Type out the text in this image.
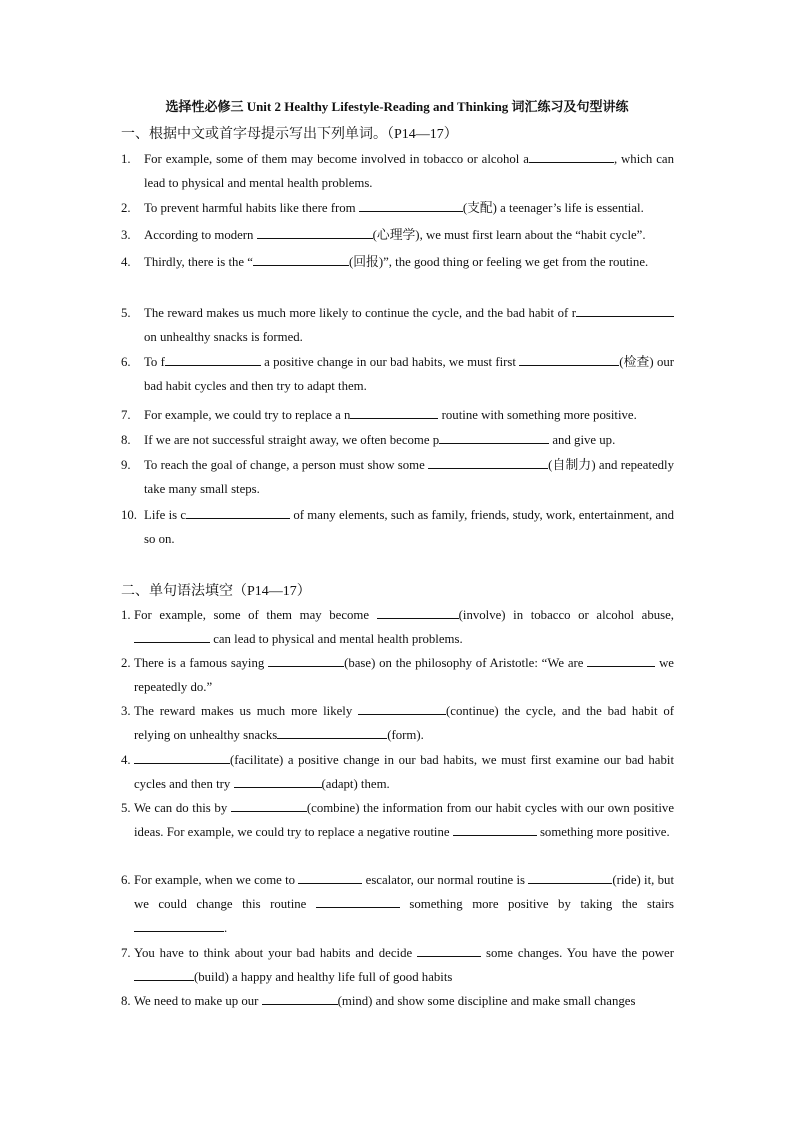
选择性必修三 Unit 2 Healthy Lifestyle-Reading and Thinking 词汇练习及句型讲练
一、根据中文或首字母提示写出下列单词。（P14—17）
1.	For example, some of them may become involved in tobacco or alcohol a	, which can lead to physical and mental health problems.
2.	To prevent harmful habits like there from	(支配) a teenager’s life is essential.
3.	According to modern	(心理学), we must first learn about the “habit cycle”.
4.	Thirdly, there is the “	(回报)”, the good thing or feeling we get from the routine.
5.	The reward makes us much more likely to continue the cycle, and the bad habit of r on unhealthy snacks is formed.
6.	To f	a positive change in our bad habits, we must first	(检查) our bad habit cycles and then try to adapt them.
7.	For example, we could try to replace a n	routine with something more positive.
8.	If we are not successful straight away, we often become p	and give up.
9.	To reach the goal of change, a person must show some	(自制力) and repeatedly take many small steps.
10. Life is c	of many elements, such as family, friends, study, work, entertainment, and so on.
二、单句语法填空（P14—17）
1. For example, some of them may become	(involve) in tobacco or alcohol abuse,  can lead to physical and mental health problems.
2. There is a famous saying	(base) on the philosophy of Aristotle: “We are	we repeatedly do.”
3. The reward makes us much more likely	(continue) the cycle, and the bad habit of relying on unhealthy snacks	(form).
4.	(facilitate) a positive change in our bad habits, we must first examine our bad habit cycles and then try	(adapt) them.
5. We can do this by	(combine) the information from our habit cycles with our own positive ideas. For example, we could try to replace a negative routine	something more positive.
6. For example, when we come to	escalator, our normal routine is	(ride) it, but we could change this routine	something more positive by taking the stairs .
7. You have to think about your bad habits and decide	some changes. You have the power (build) a happy and healthy life full of good habits
8. We need to make up our	(mind) and show some discipline and make small changes
